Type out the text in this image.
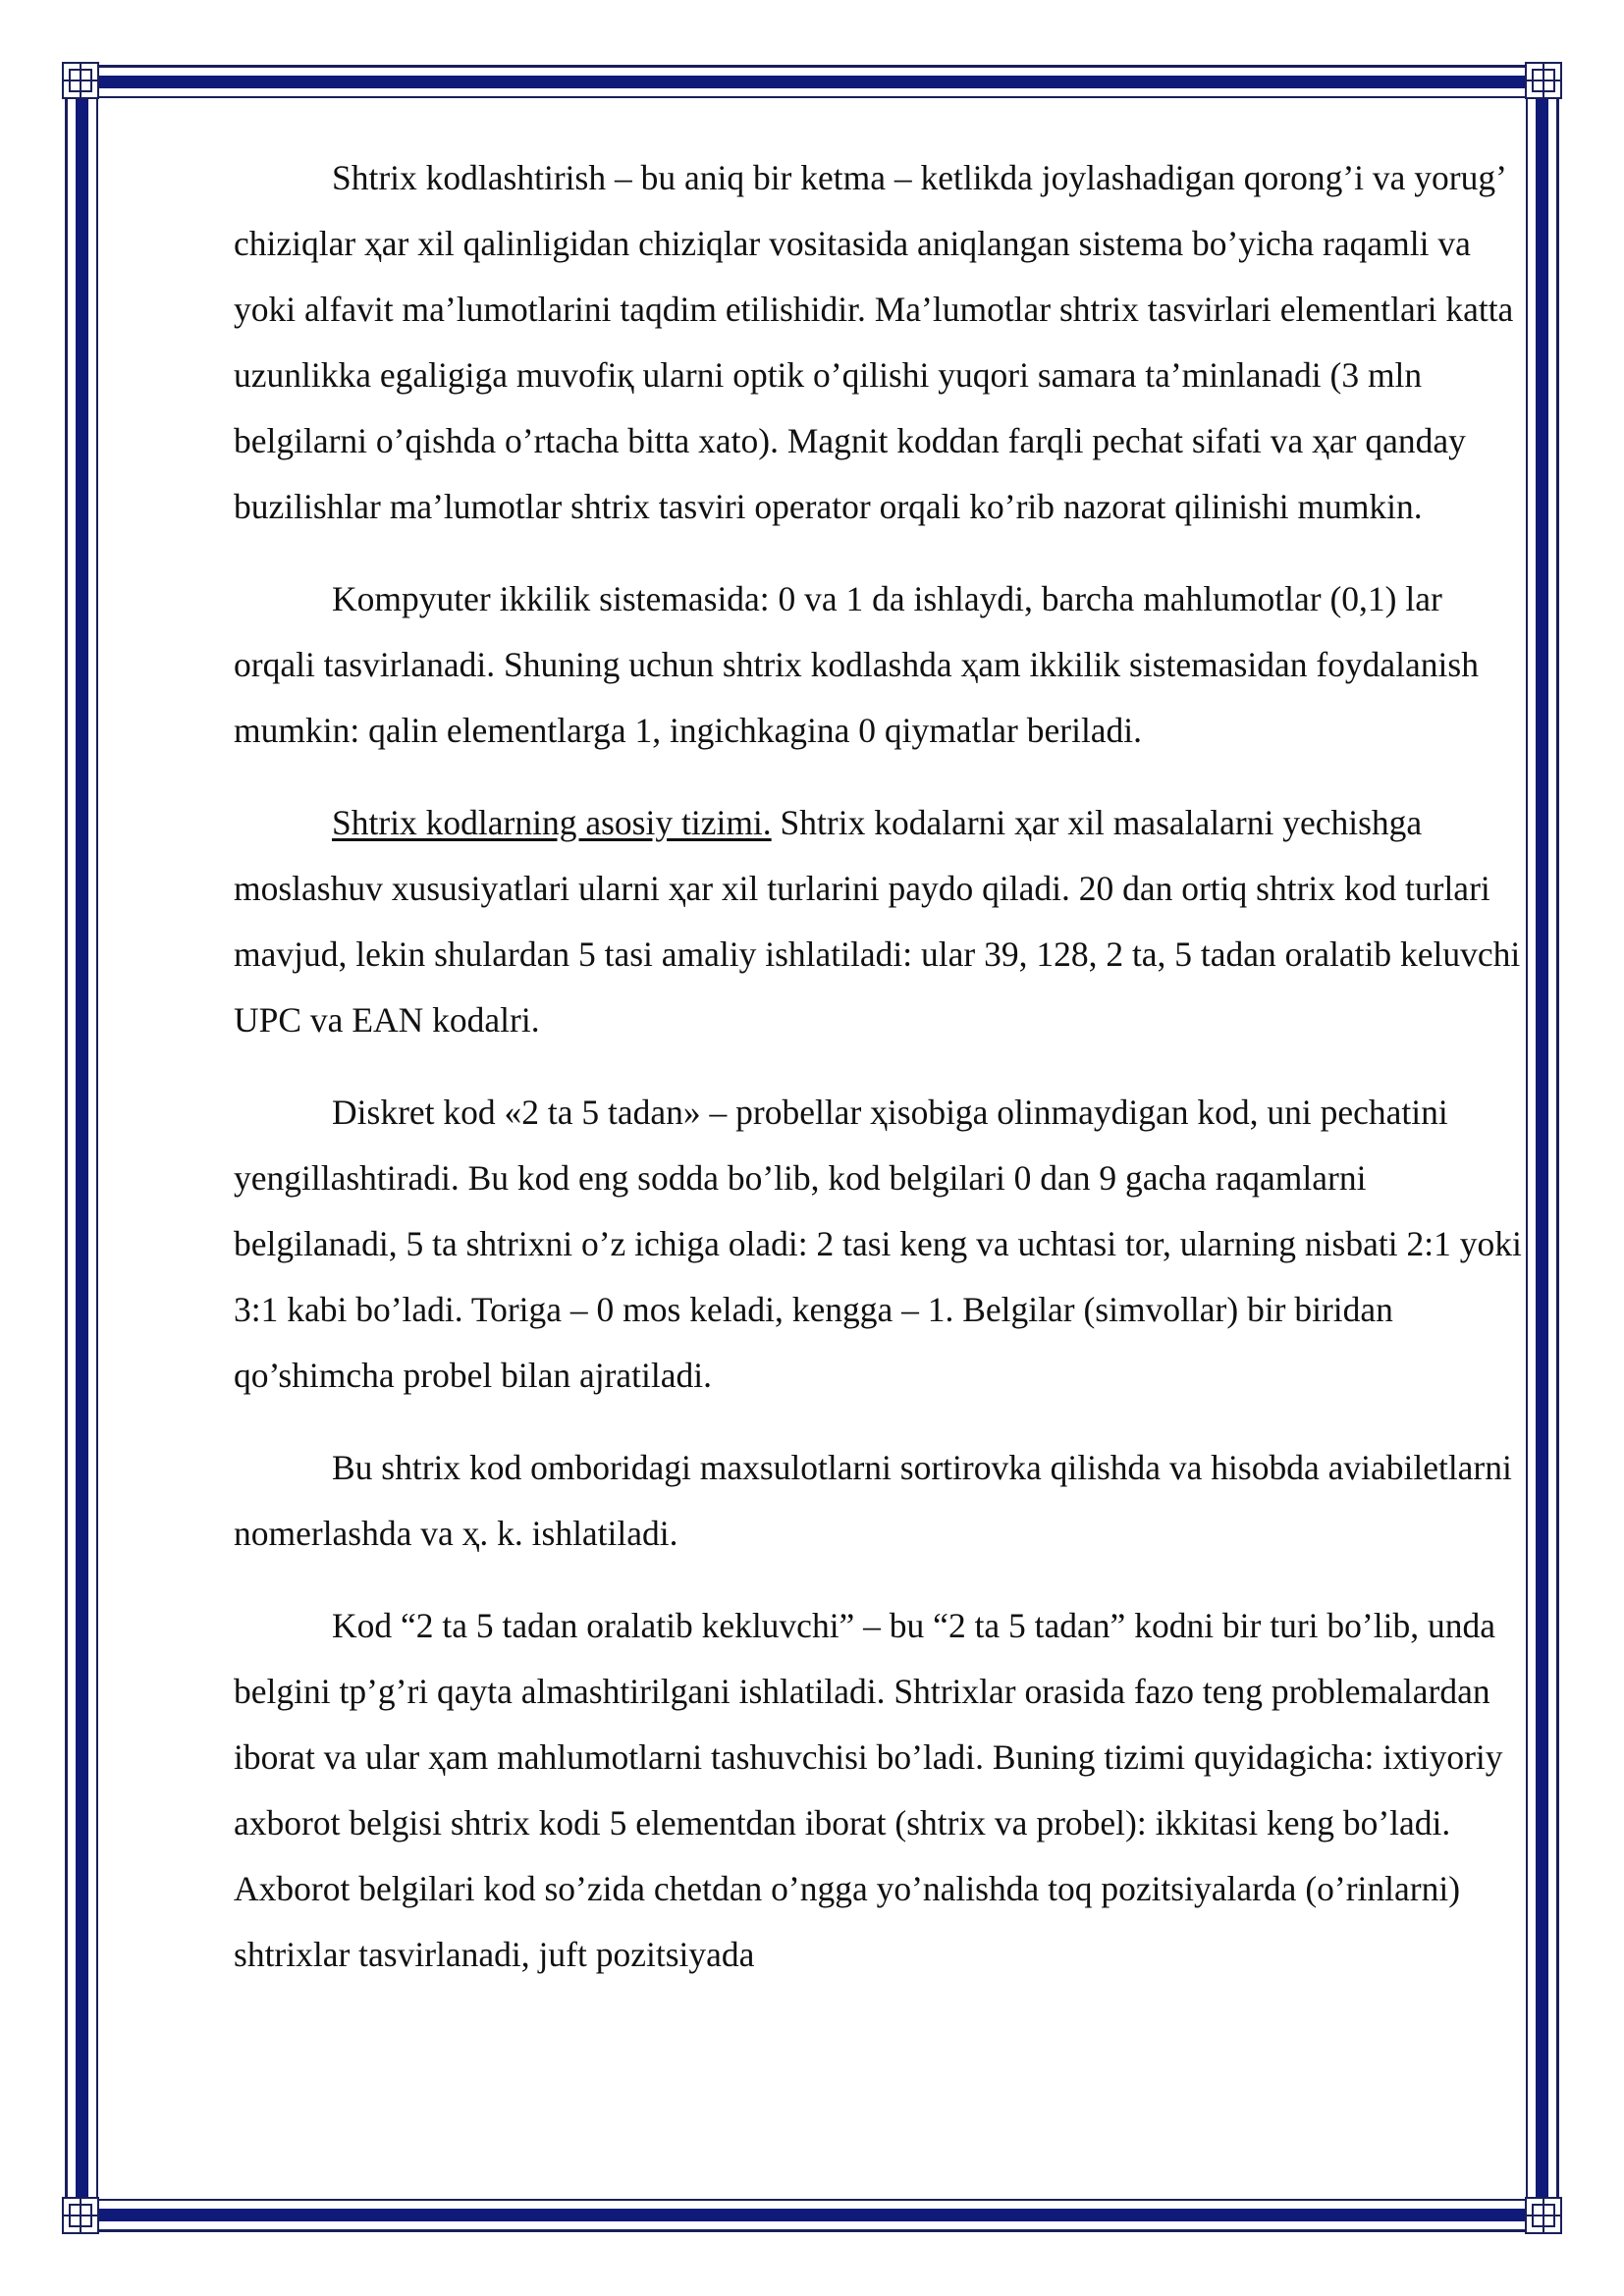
Shtrix kodlashtirish – bu aniq bir ketma – ketlikda joylashadigan qorong’i va yorug’ chiziqlar ҳar xil qalinligidan chiziqlar vositasida aniqlangan sistema bo’yicha raqamli va yoki alfavit ma’lumotlarini taqdim etilishidir. Ma’lumotlar shtrix tasvirlari elementlari katta uzunlikka egaligiga muvofiқ ularni optik o’qilishi yuqori samara ta’minlanadi (3 mln belgilarni o’qishda o’rtacha bitta xato). Magnit koddan farqli pechat sifati va ҳar qanday buzilishlar ma’lumotlar shtrix tasviri operator orqali ko’rib nazorat qilinishi mumkin.

Kompyuter ikkilik sistemasida: 0 va 1 da ishlaydi, barcha mahlumotlar (0,1) lar orqali tasvirlanadi. Shuning uchun shtrix kodlashda ҳam ikkilik sistemasidan foydalanish mumkin: qalin elementlarga 1, ingichkagina 0 qiymatlar beriladi.

Shtrix kodlarning asosiy tizimi. Shtrix kodalarni ҳar xil masalalarni yechishga moslashuv xususiyatlari ularni ҳar xil turlarini paydo qiladi. 20 dan ortiq shtrix kod turlari mavjud, lekin shulardan 5 tasi amaliy ishlatiladi: ular 39, 128, 2 ta, 5 tadan oralatib keluvchi UPC va EAN kodalri.

Diskret kod «2 ta 5 tadan» – probellar ҳisobiga olinmaydigan kod, uni pechatini yengillashtiradi. Bu kod eng sodda bo’lib, kod belgilari 0 dan 9 gacha raqamlarni belgilanadi, 5 ta shtrixni o’z ichiga oladi: 2 tasi keng va uchtasi tor, ularning nisbati 2:1 yoki 3:1 kabi bo’ladi. Toriga – 0 mos keladi, kengga – 1. Belgilar (simvollar) bir biridan qo’shimcha probel bilan ajratiladi.

Bu shtrix kod omboridagi maxsulotlarni sortirovka qilishda va hisobda aviabiletlarni nomerlashda va ҳ. k. ishlatiladi.

Kod “2 ta 5 tadan oralatib kekluvchi” – bu “2 ta 5 tadan” kodni bir turi bo’lib, unda belgini tp’g’ri qayta almashtirilgani ishlatiladi. Shtrixlar orasida fazo teng problemalardan iborat va ular ҳam mahlumotlarni tashuvchisi bo’ladi. Buning tizimi quyidagicha: ixtiyoriy axborot belgisi shtrix kodi 5 elementdan iborat (shtrix va probel): ikkitasi keng bo’ladi. Axborot belgilari kod so’zida chetdan o’ngga yo’nalishda toq pozitsiyalarda (o’rinlarni) shtrixlar tasvirlanadi, juft pozitsiyada
